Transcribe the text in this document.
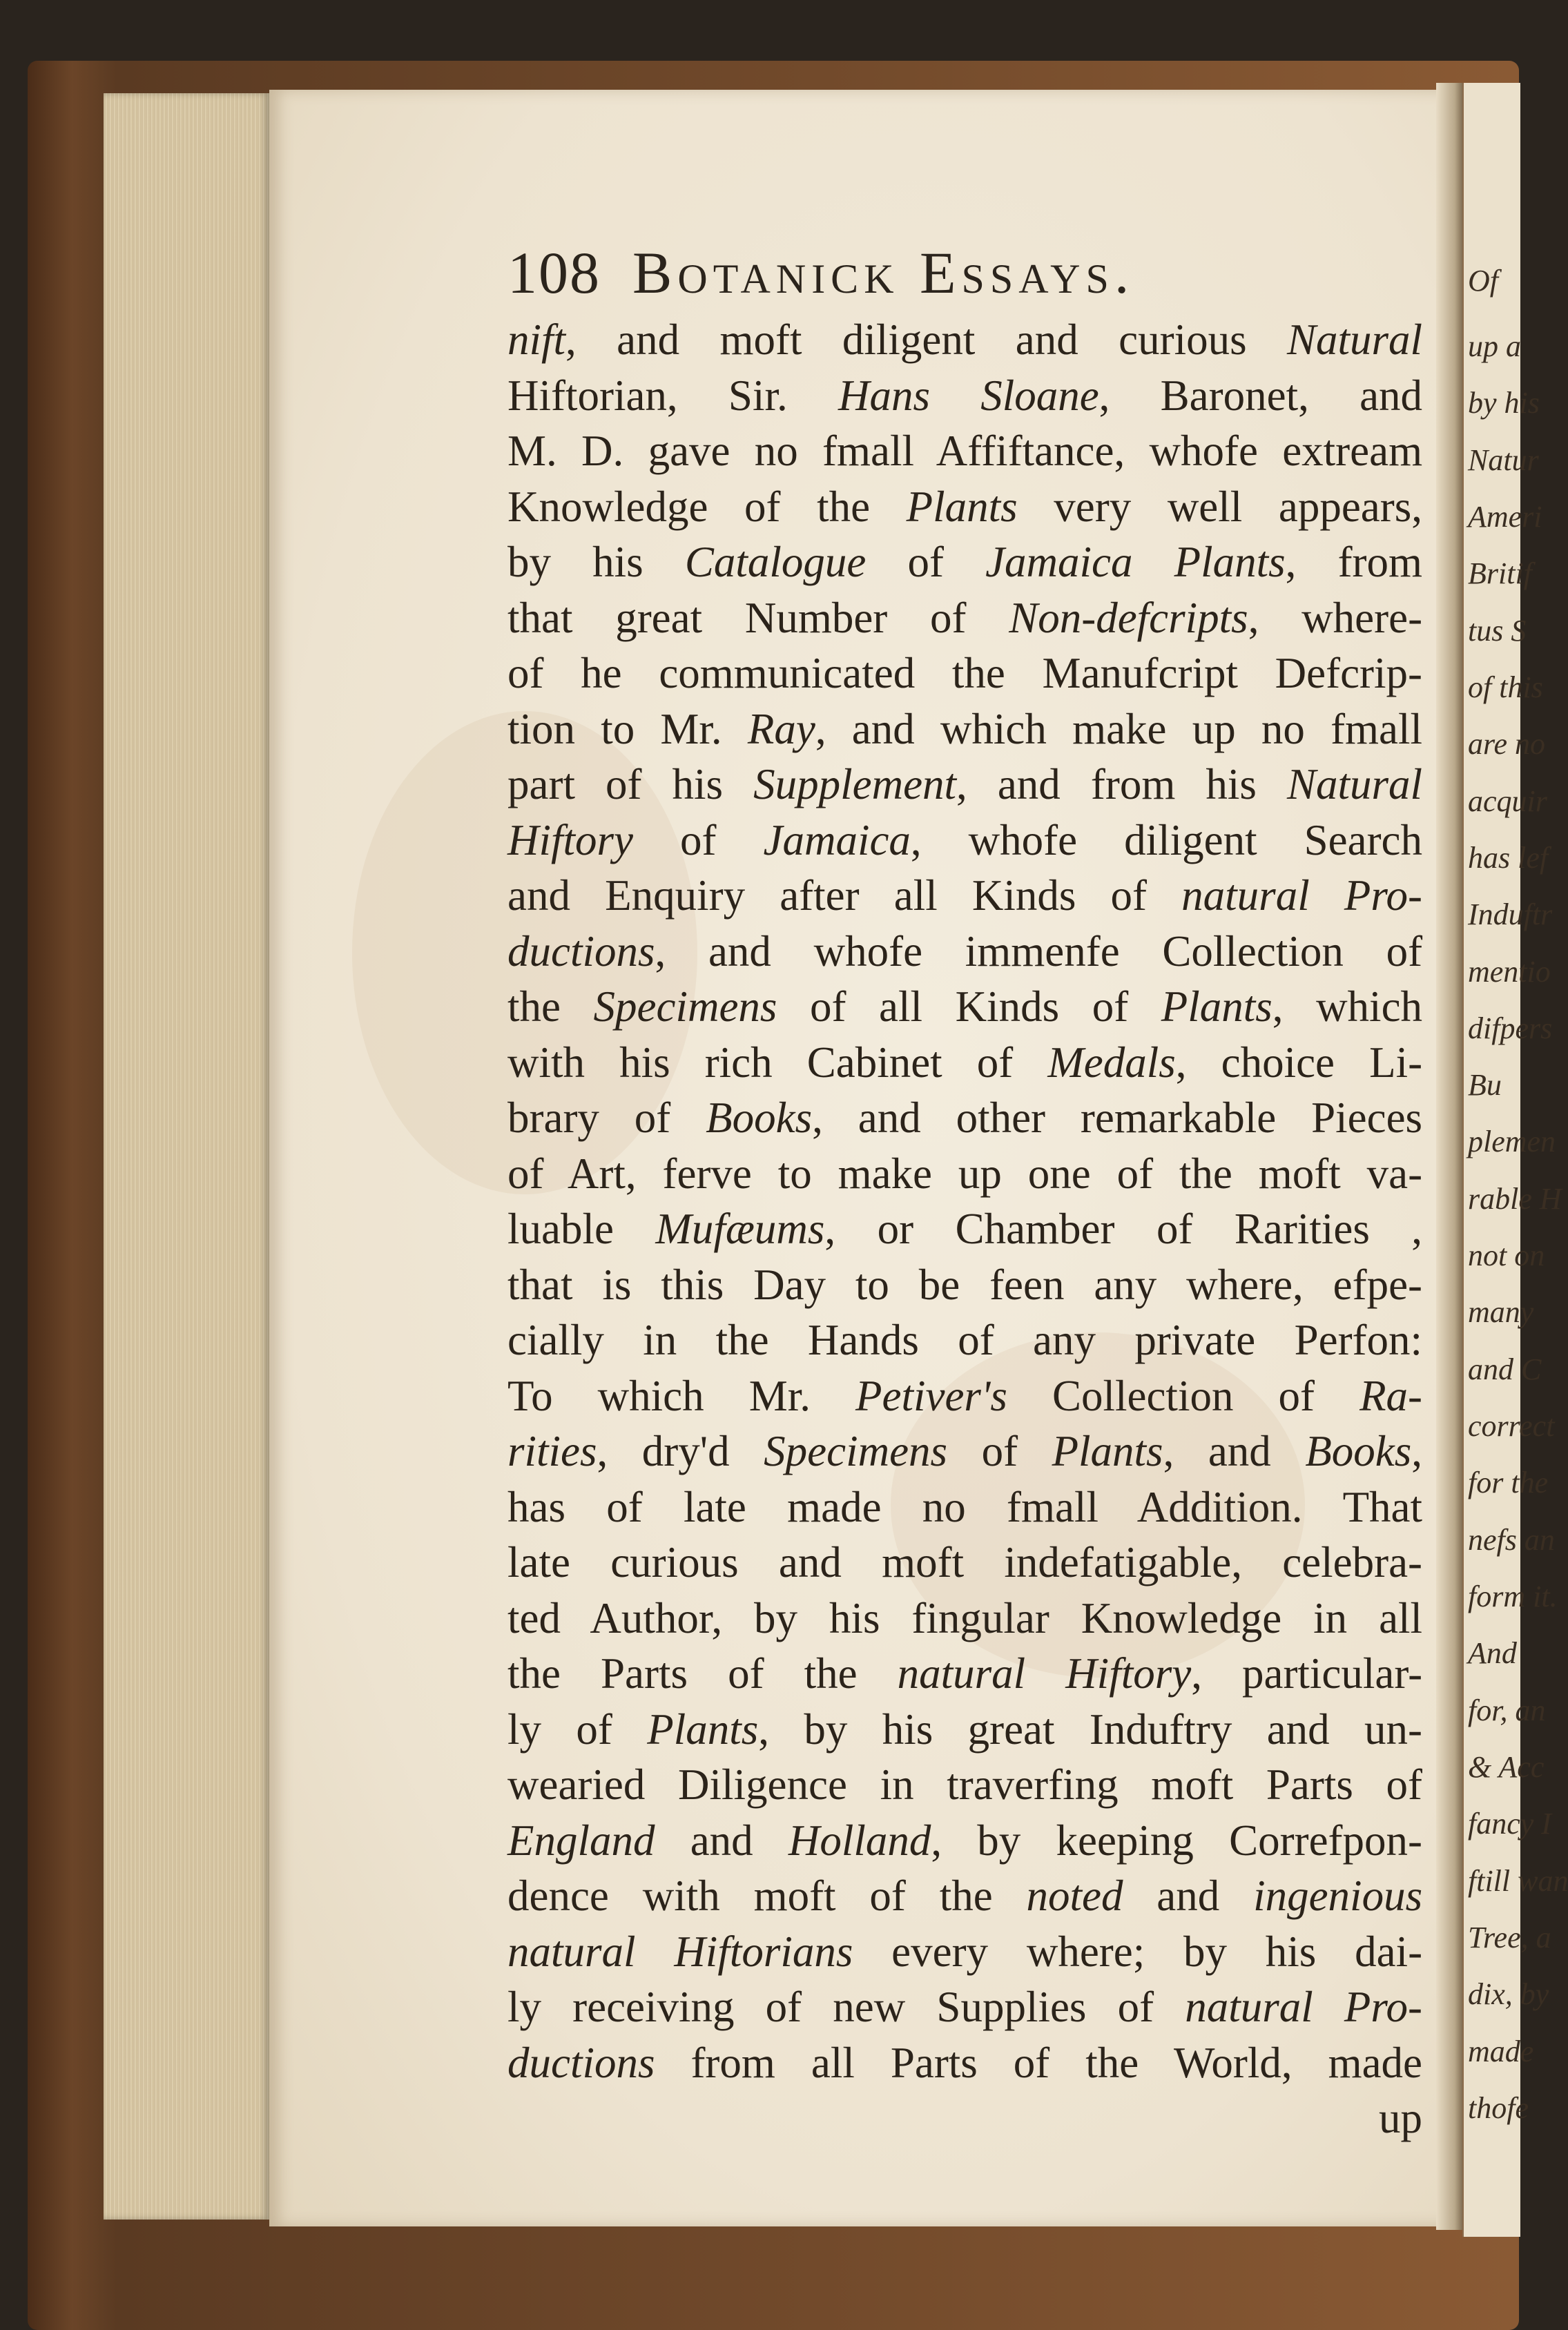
Of
up a
by his
Natur
Ameri
Britif
tus S
of this
are no
acquir
has lef
Induftr
mentio
difpers
Bu
plemen
rable H
not on
many
and C
correct
for the
nefs an
form it.
And
for, an
& Acc
fancy I
ftill wan
Tree, a
dix, by
made
thofe
108 Botanick Essays.
nift, and moft diligent and curious Natural
Hiftorian, Sir. Hans Sloane, Baronet, and
M. D. gave no fmall Affiftance, whofe extream
Knowledge of the Plants very well appears,
by his Catalogue of Jamaica Plants, from
that great Number of Non-defcripts, where-
of he communicated the Manufcript Defcrip-
tion to Mr. Ray, and which make up no fmall
part of his Supplement, and from his Natural
Hiftory of Jamaica, whofe diligent Search
and Enquiry after all Kinds of natural Pro-
ductions, and whofe immenfe Collection of
the Specimens of all Kinds of Plants, which
with his rich Cabinet of Medals, choice Li-
brary of Books, and other remarkable Pieces
of Art, ferve to make up one of the moft va-
luable Mufæums, or Chamber of Rarities ,
that is this Day to be feen any where, efpe-
cially in the Hands of any private Perfon:
To which Mr. Petiver's Collection of Ra-
rities, dry'd Specimens of Plants, and Books,
has of late made no fmall Addition. That
late curious and moft indefatigable, celebra-
ted Author, by his fingular Knowledge in all
the Parts of the natural Hiftory, particular-
ly of Plants, by his great Induftry and un-
wearied Diligence in traverfing moft Parts of
England and Holland, by keeping Correfpon-
dence with moft of the noted and ingenious
natural Hiftorians every where; by his dai-
ly receiving of new Supplies of natural Pro-
ductions from all Parts of the World, made
up
